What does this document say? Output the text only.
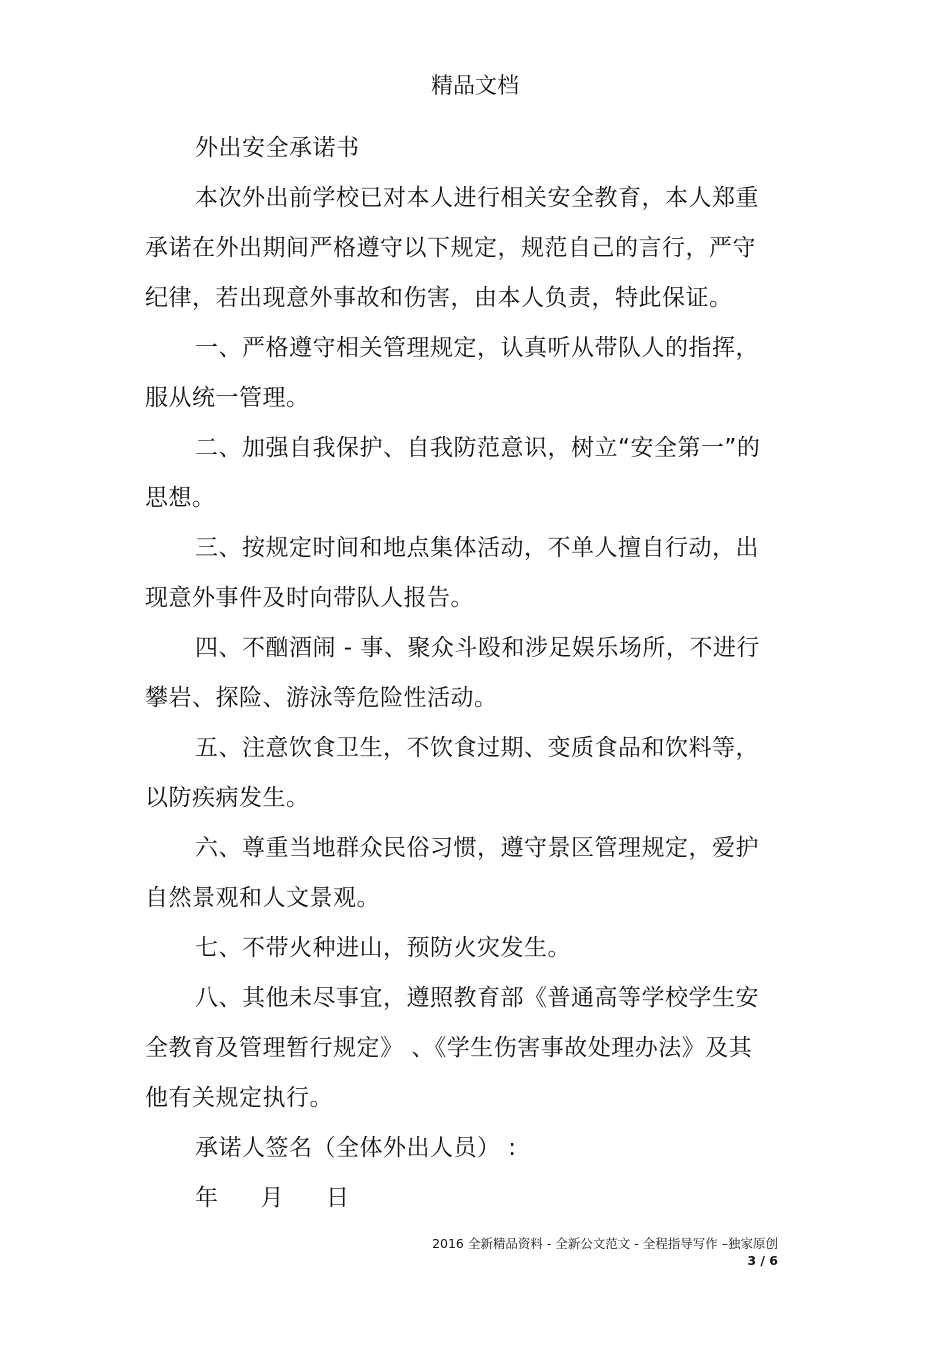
精品文档

外出安全承诺书

本次外出前学校已对本人进行相关安全教育，本人郑重承诺在外出期间严格遵守以下规定，规范自己的言行，严守纪律，若出现意外事故和伤害，由本人负责，特此保证。

一、严格遵守相关管理规定，认真听从带队人的指挥，服从统一管理。

二、加强自我保护、自我防范意识，树立“安全第一”的思想。

三、按规定时间和地点集体活动，不单人擅自行动，出现意外事件及时向带队人报告。

四、不酗酒闹 - 事、聚众斗殴和涉足娱乐场所，不进行攀岩、探险、游泳等危险性活动。

五、注意饮食卫生，不饮食过期、变质食品和饮料等，以防疾病发生。

六、尊重当地群众民俗习惯，遵守景区管理规定，爱护自然景观和人文景观。

七、不带火种进山，预防火灾发生。

八、其他未尽事宜，遵照教育部《普通高等学校学生安全教育及管理暂行规定》 、《学生伤害事故处理办法》及其他有关规定执行。

承诺人签名（全体外出人员） :

年 月 日

2016 全新精品资料 - 全新公文范文 - 全程指导写作 –独家原创
3 / 6
